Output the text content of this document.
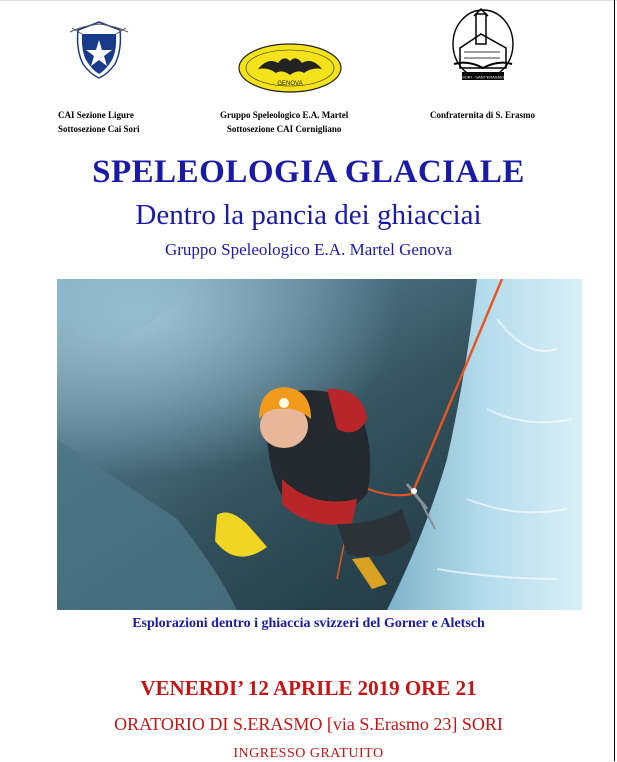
GENOVA
SORI · SANT'ERASMO
CAI Sezione Ligure
Sottosezione Cai Sori
Gruppo Speleologico E.A. Martel
Sottosezione CAI Cornigliano
Confraternita di S. Erasmo
SPELEOLOGIA GLACIALE
Dentro la pancia dei ghiacciai
Gruppo Speleologico E.A. Martel Genova
Esplorazioni dentro i ghiaccia svizzeri del Gorner e Aletsch
VENERDI’ 12 APRILE 2019 ORE 21
ORATORIO DI S.ERASMO [via S.Erasmo 23] SORI
INGRESSO GRATUITO
